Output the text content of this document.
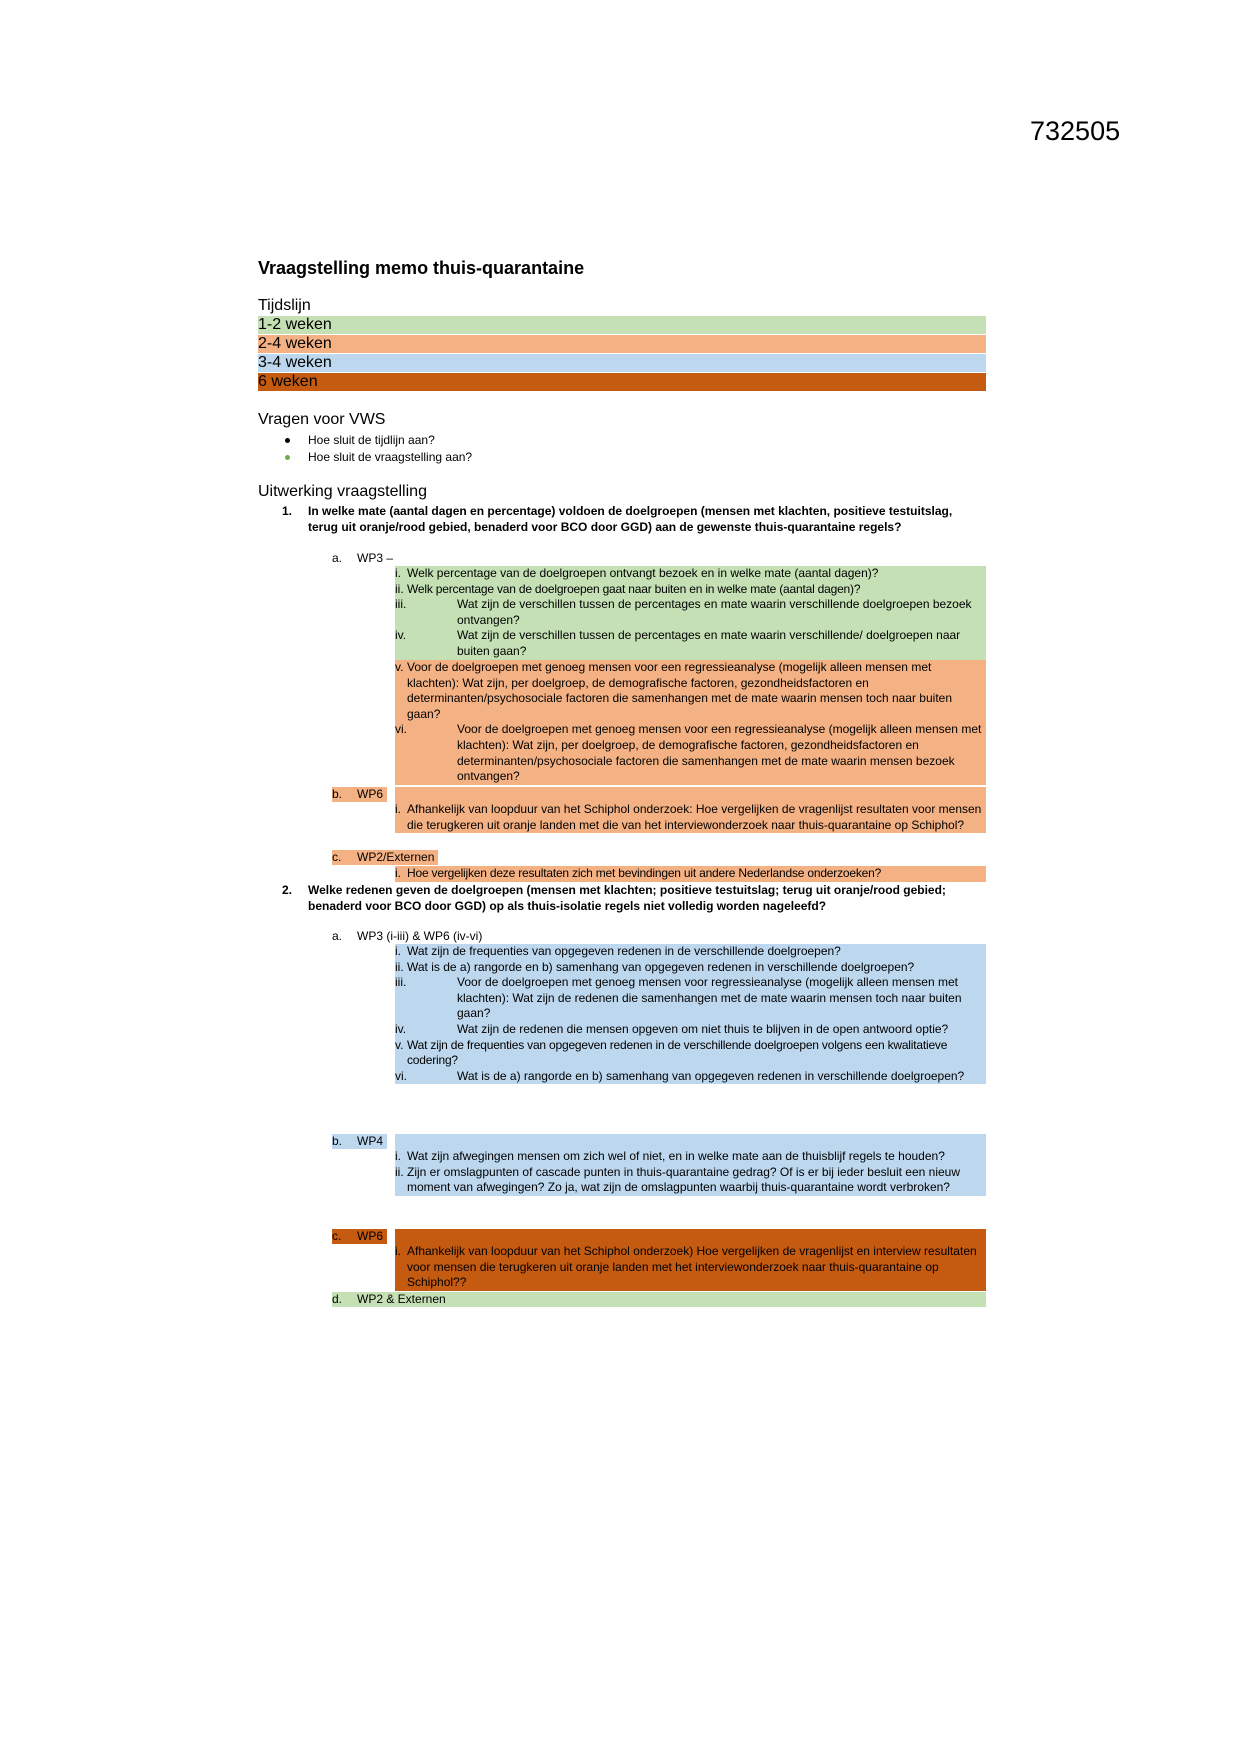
732505
Vraagstelling memo thuis-quarantaine
Tijdslijn
1-2 weken
2-4 weken
3-4 weken
6 weken
Vragen voor VWS
Hoe sluit de tijdlijn aan?
Hoe sluit de vraagstelling aan?
Uitwerking vraagstelling
1. In welke mate (aantal dagen en percentage) voldoen de doelgroepen (mensen met klachten, positieve testuitslag, terug uit oranje/rood gebied, benaderd voor BCO door GGD) aan de gewenste thuis-quarantaine regels?
a. WP3 –
i. Welk percentage van de doelgroepen ontvangt bezoek en in welke mate (aantal dagen)?
ii. Welk percentage van de doelgroepen gaat naar buiten en in welke mate (aantal dagen)?
iii.	Wat zijn de verschillen tussen de percentages en mate waarin verschillende doelgroepen bezoek ontvangen?
iv.	Wat zijn de verschillen tussen de percentages en mate waarin verschillende/ doelgroepen naar buiten gaan?
v. Voor de doelgroepen met genoeg mensen voor een regressieanalyse (mogelijk alleen mensen met klachten): Wat zijn, per doelgroep, de demografische factoren, gezondheidsfactoren en determinanten/psychosociale factoren die samenhangen met de mate waarin mensen toch naar buiten gaan?
vi.	Voor de doelgroepen met genoeg mensen voor een regressieanalyse (mogelijk alleen mensen met klachten): Wat zijn, per doelgroep, de demografische factoren, gezondheidsfactoren en determinanten/psychosociale factoren die samenhangen met de mate waarin mensen bezoek ontvangen?
b. WP6
i. Afhankelijk van loopduur van het Schiphol onderzoek: Hoe vergelijken de vragenlijst resultaten voor mensen die terugkeren uit oranje landen met die van het interviewonderzoek naar thuis-quarantaine op Schiphol?
c. WP2/Externen
i. Hoe vergelijken deze resultaten zich met bevindingen uit andere Nederlandse onderzoeken?
2. Welke redenen geven de doelgroepen (mensen met klachten; positieve testuitslag; terug uit oranje/rood gebied; benaderd voor BCO door GGD) op als thuis-isolatie regels niet volledig worden nageleefd?
a. WP3 (i-iii) & WP6 (iv-vi)
i. Wat zijn de frequenties van opgegeven redenen in de verschillende doelgroepen?
ii. Wat is de a) rangorde en b) samenhang van opgegeven redenen in verschillende doelgroepen?
iii.	Voor de doelgroepen met genoeg mensen voor regressieanalyse (mogelijk alleen mensen met klachten): Wat zijn de redenen die samenhangen met de mate waarin mensen toch naar buiten gaan?
iv.	Wat zijn de redenen die mensen opgeven om niet thuis te blijven in de open antwoord optie?
v. Wat zijn de frequenties van opgegeven redenen in de verschillende doelgroepen volgens een kwalitatieve codering?
vi.	Wat is de a) rangorde en b) samenhang van opgegeven redenen in verschillende doelgroepen?
b. WP4
i. Wat zijn afwegingen mensen om zich wel of niet, en in welke mate aan de thuisblijf regels te houden?
ii. Zijn er omslagpunten of cascade punten in thuis-quarantaine gedrag? Of is er bij ieder besluit een nieuw moment van afwegingen? Zo ja, wat zijn de omslagpunten waarbij thuis-quarantaine wordt verbroken?
c. WP6
i. Afhankelijk van loopduur van het Schiphol onderzoek) Hoe vergelijken de vragenlijst en interview resultaten voor mensen die terugkeren uit oranje landen met het interviewonderzoek naar thuis-quarantaine op Schiphol??
d. WP2 & Externen
